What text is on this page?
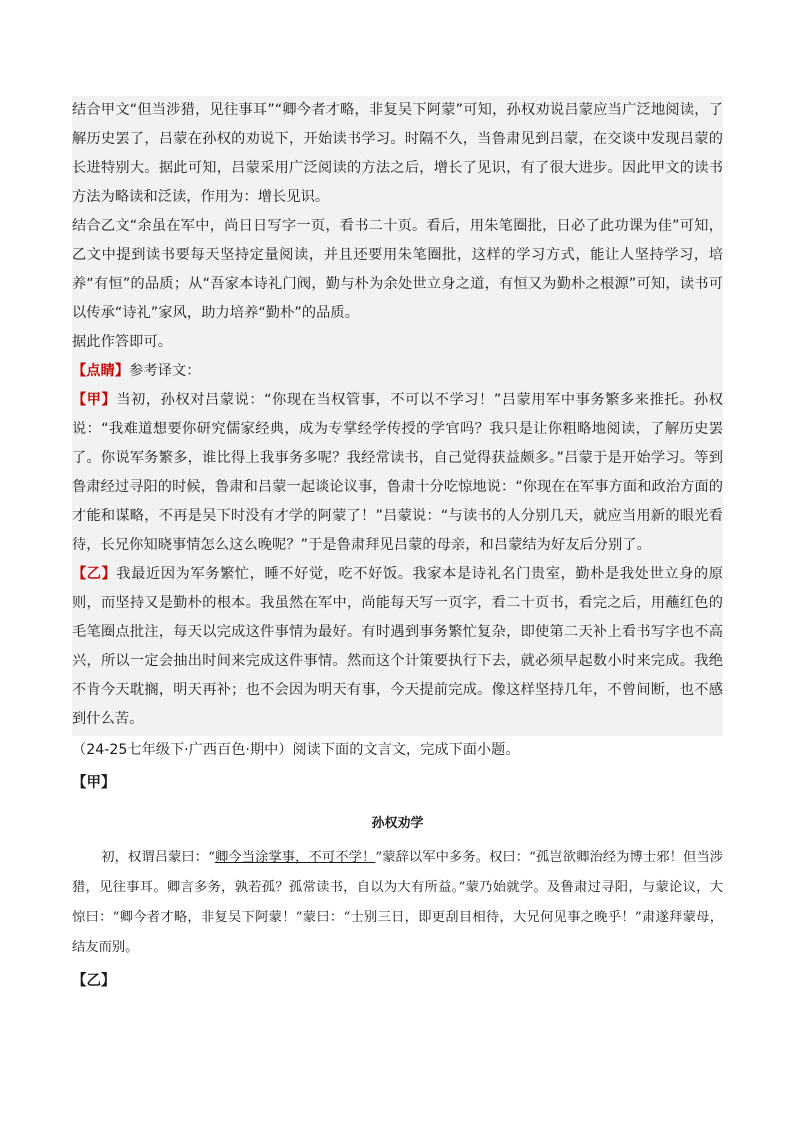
结合甲文“但当涉猎，见往事耳”“卿今者才略，非复吴下阿蒙”可知，孙权劝说吕蒙应当广泛地阅读，了解历史罢了，吕蒙在孙权的劝说下，开始读书学习。时隔不久，当鲁肃见到吕蒙，在交谈中发现吕蒙的长进特别大。据此可知，吕蒙采用广泛阅读的方法之后，增长了见识，有了很大进步。因此甲文的读书方法为略读和泛读，作用为：增长见识。

结合乙文“余虽在军中，尚日日写字一页，看书二十页。看后，用朱笔圈批，日必了此功课为佳”可知，乙文中提到读书要每天坚持定量阅读，并且还要用朱笔圈批，这样的学习方式，能让人坚持学习，培养“有恒”的品质；从“吾家本诗礼门阀，勤与朴为余处世立身之道，有恒又为勤朴之根源”可知，读书可以传承“诗礼”家风，助力培养“勤朴”的品质。

据此作答即可。

【点睛】参考译文：

【甲】当初，孙权对吕蒙说：“你现在当权管事，不可以不学习！”吕蒙用军中事务繁多来推托。孙权说：“我难道想要你研究儒家经典，成为专掌经学传授的学官吗？我只是让你粗略地阅读，了解历史罢了。你说军务繁多，谁比得上我事务多呢？我经常读书，自己觉得获益颇多。”吕蒙于是开始学习。等到鲁肃经过寻阳的时候，鲁肃和吕蒙一起谈论议事，鲁肃十分吃惊地说：“你现在在军事方面和政治方面的才能和谋略，不再是吴下时没有才学的阿蒙了！”吕蒙说：“与读书的人分别几天，就应当用新的眼光看待，长兄你知晓事情怎么这么晚呢？”于是鲁肃拜见吕蒙的母亲，和吕蒙结为好友后分别了。

【乙】我最近因为军务繁忙，睡不好觉，吃不好饭。我家本是诗礼名门贵室，勤朴是我处世立身的原则，而坚持又是勤朴的根本。我虽然在军中，尚能每天写一页字，看二十页书，看完之后，用蘸红色的毛笔圈点批注，每天以完成这件事情为最好。有时遇到事务繁忙复杂，即使第二天补上看书写字也不高兴，所以一定会抽出时间来完成这件事情。然而这个计策要执行下去，就必须早起数小时来完成。我绝不肯今天耽搁，明天再补；也不会因为明天有事，今天提前完成。像这样坚持几年，不曾间断，也不感到什么苦。

（24-25七年级下·广西百色·期中）阅读下面的文言文，完成下面小题。

【甲】

孙权劝学

初，权谓吕蒙曰：“卿今当涂掌事，不可不学！”蒙辞以军中多务。权曰：“孤岂欲卿治经为博士邪！但当涉猎，见往事耳。卿言多务，孰若孤？孤常读书，自以为大有所益。”蒙乃始就学。及鲁肃过寻阳，与蒙论议，大惊曰：“卿今者才略，非复吴下阿蒙！”蒙曰：“士别三日，即更刮目相待，大兄何见事之晚乎！”肃遂拜蒙母，结友而别。

【乙】
